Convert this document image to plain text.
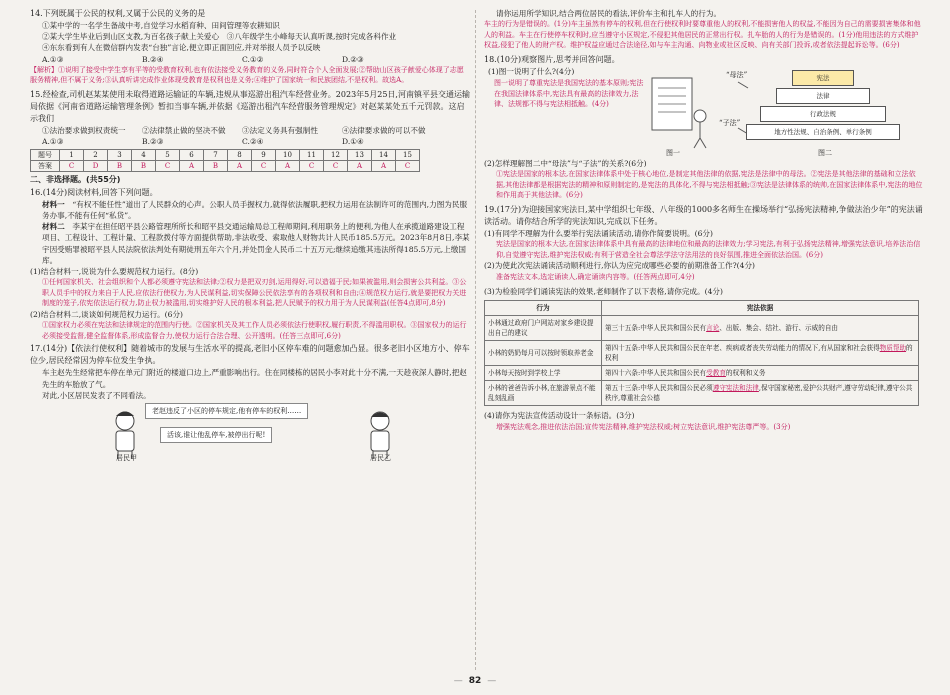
14.下列既属于公民的权利,又属于公民的义务的是

①某中学的一名学生备战中考,自觉学习水稻育种、田间管理等农耕知识

②某大学生毕业后到山区支教,为百名孩子献上关爱心　③八年级学生小峰每天认真听课,按时完成各科作业

④东东看到有人在微信群内发表“台独”言论,便立即正面回应,并对举报人员予以反映

A.①③	B.②④	C.①②	D.②③

【解析】①说明了接受中学生享有平等的受教育权利,也有依法接受义务教育的义务,同时符合个人全面发展;②帮助山区孩子献爱心体现了志愿服务精神,但不属于义务;③认真听讲完成作业体现受教育是权利也是义务;④维护了国家统一和民族团结,不是权利。故选A。

15.经检查,司机赵某某使用未取得道路运输证的车辆,违规从事巡游出租汽车经营业务。2023年5月25日,河南镇平县交通运输局依据《河南省道路运输管理条例》暂扣当事车辆,并依据《巡游出租汽车经营服务管理规定》对赵某某处五千元罚款。这启示我们

①法治要求做到权责统一	②法律禁止做的坚决不做	③法定义务具有强制性	④法律要求做的可以不做
A.①③	B.②③	C.②④	D.①④
题号	1	2	3	4	5	6	7	8	9	10	11	12	13	14	15
答案	C	D	B	B	C	A	B	A	C	A	C	C	A	A	C

二、非选择题。(共55分)

16.(14分)阅读材料,回答下列问题。

材料一　 “有权不能任性”道出了人民群众的心声。公职人员手握权力,就得依法履职,把权力运用在法制许可的范围内,力图为民服务办事,不能有任何“私货”。

材料二　 李某宇在担任昭平县公路管理所所长和昭平县交通运输局总工程师期间,利用职务上的便利,为他人在承揽道路建设工程项目、工程设计、工程计量、工程款拨付等方面提供帮助,非法收受、索取他人财物共计人民币185.5万元。2023年8月8日,李某宇因受贿罪被昭平县人民法院依法判处有期徒刑五年六个月,并处罚金人民币二十五万元;继续追缴其违法所得185.5万元,上缴国库。

(1)结合材料一,说说为什么要规范权力运行。(8分)

①任何国家机关、社会组织和个人都必须遵守宪法和法律;②权力是把双刃剑,运用得好,可以造福于民;如果被滥用,则会损害公共利益。③公职人员手中的权力来自于人民,应依法行使权力,为人民谋利益,切实保障公民依法享有的各项权利和自由;④规范权力运行,就是要把权力关进制度的笼子,依宪依法运行权力,防止权力被滥用,切实维护好人民的根本利益,把人民赋予的权力用于为人民谋利益(任答4点即可,8分)

(2)结合材料二,谈谈如何规范权力运行。(6分)

①国家权力必须在宪法和法律规定的范围内行使。②国家机关及其工作人员必须依法行使职权,履行职责,不得滥用职权。③国家权力的运行必须接受监督,健全监督体系,形成监督合力,使权力运行合法合理、公开透明。(任答三点即可,6分)

17.(14分)【依法行使权利】随着城市的发展与生活水平的提高,老旧小区停车难的问题愈加凸显。很多老旧小区地方小、停车位少,居民经常因为停车位发生争执。

车主赵先生经常把车停在单元门附近的楼道口边上,严重影响出行。住在同楼栋的居民小李对此十分不满,一天趁夜深人静时,把赵先生的车胎放了气。

对此,小区居民发表了不同看法。

老赵违反了小区的停车规定,他有停车的权利……
活该,谁让他乱停车,被停出行呢!
居民甲	居民乙

请你运用所学知识,结合两位居民的看法,评价车主和扎车人的行为。

车主的行为是错误的。(1分)车主虽然有停车的权利,但在行使权利时要尊重他人的权利,不能损害他人的权益,不能因为自己的需要损害集体和他人的利益。车主在行使停车权利时,应当遵守小区规定,不侵犯其他居民的正常出行权。扎车胎的人的行为是错误的。(1分)他用违法的方式维护权益,侵犯了他人的财产权。维护权益应通过合法途径,如与车主沟通、向物业或社区反映、向有关部门投诉,或者依法提起诉讼等。(6分)

18.(10分)观察图片,思考并回答问题。

(1)图一说明了什么?(4分)

图一说明了尊重宪法是我国宪法的基本原则;宪法在我国法律体系中,宪法具有最高的法律效力,法律、法规都不得与宪法相抵触。(4分)

图一
“母法”
“子法”
宪法
法律
行政法规
地方性法规、自治条例、单行条例
图二

(2)怎样理解图二中“母法”与“子法”的关系?(6分)

①宪法是国家的根本法,在国家法律体系中处于核心地位,是制定其他法律的依据,宪法是法律中的母法。②宪法是其他法律的基础和立法依据,其他法律都是根据宪法的精神和原则制定的,是宪法的具体化,不得与宪法相抵触;③宪法是法律体系的统帅,在国家法律体系中,宪法的地位和作用高于其他法律。(6分)

19.(17分)为迎接国家宪法日,某中学组织七年级、八年级的1000多名师生在操场举行“弘扬宪法精神,争做法治少年”的宪法诵读活动。请你结合所学的宪法知识,完成以下任务。

(1)有同学不理解为什么要举行宪法诵读活动,请你作简要说明。(6分)

宪法是国家的根本大法,在国家法律体系中具有最高的法律地位和最高的法律效力;学习宪法,有利于弘扬宪法精神,增强宪法意识,培养法治信仰,自觉遵守宪法,维护宪法权威;有利于营造全社会尊法学法守法用法的良好氛围,推进全面依法治国。(6分)

(2)为使此次宪法诵读活动顺利进行,你认为应完成哪些必要的前期准备工作?(4分)

准备宪法文本,选定诵读人,确定诵读内容等。(任答两点即可,4分)

(3)为检验同学们诵读宪法的效果,老师制作了以下表格,请你完成。(4分)

行为	宪法依据
小林通过政府门户网站对家乡建设提出自己的建议	第三十五条:中华人民共和国公民有言论、出版、集会、结社、游行、示威的自由
小林的奶奶每月可以按时领取养老金	第四十五条:中华人民共和国公民在年老、疾病或者丧失劳动能力的情况下,有从国家和社会获得物质帮助的权利
小林每天按时到学校上学	第四十六条:中华人民共和国公民有受教育的权利和义务
小林的爸爸告诉小林,在旅游景点不能乱刻乱画	第五十三条:中华人民共和国公民必须遵守宪法和法律,保守国家秘密,爱护公共财产,遵守劳动纪律,遵守公共秩序,尊重社会公德

(4)请你为宪法宣传活动设计一条标语。(3分)

增强宪法观念,推进依法治国;宣传宪法精神,维护宪法权威;树立宪法意识,维护宪法尊严等。(3分)

— 82 —
